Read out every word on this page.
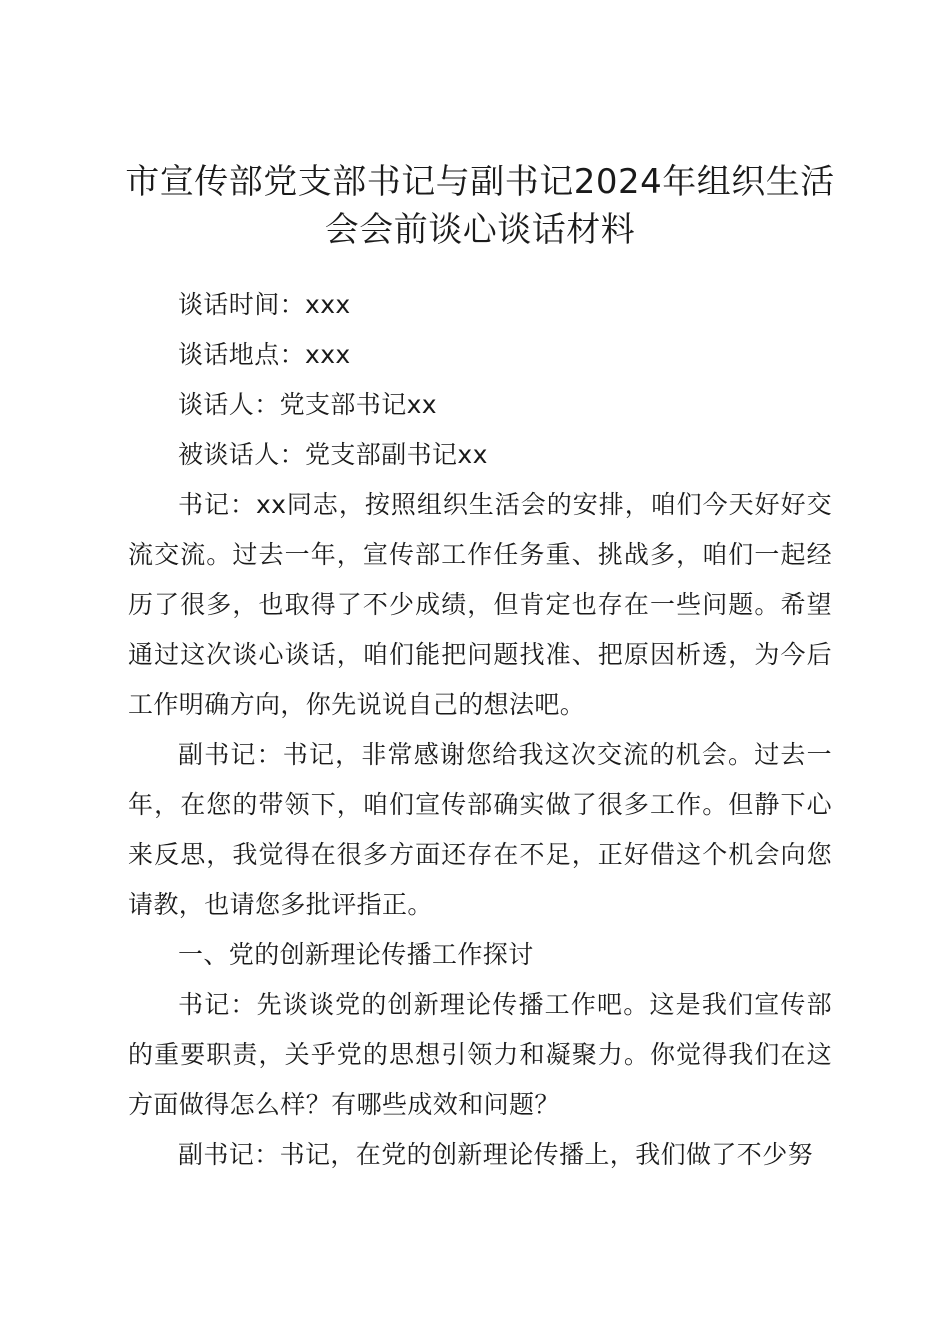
市宣传部党支部书记与副书记2024年组织生活会会前谈心谈话材料

谈话时间：xxx

谈话地点：xxx

谈话人：党支部书记xx

被谈话人：党支部副书记xx

书记：xx同志，按照组织生活会的安排，咱们今天好好交流交流。过去一年，宣传部工作任务重、挑战多，咱们一起经历了很多，也取得了不少成绩，但肯定也存在一些问题。希望通过这次谈心谈话，咱们能把问题找准、把原因析透，为今后工作明确方向，你先说说自己的想法吧。

副书记：书记，非常感谢您给我这次交流的机会。过去一年，在您的带领下，咱们宣传部确实做了很多工作。但静下心来反思，我觉得在很多方面还存在不足，正好借这个机会向您请教，也请您多批评指正。

一、党的创新理论传播工作探讨

书记：先谈谈党的创新理论传播工作吧。这是我们宣传部的重要职责，关乎党的思想引领力和凝聚力。你觉得我们在这方面做得怎么样？有哪些成效和问题？

副书记：书记，在党的创新理论传播上，我们做了不少努
